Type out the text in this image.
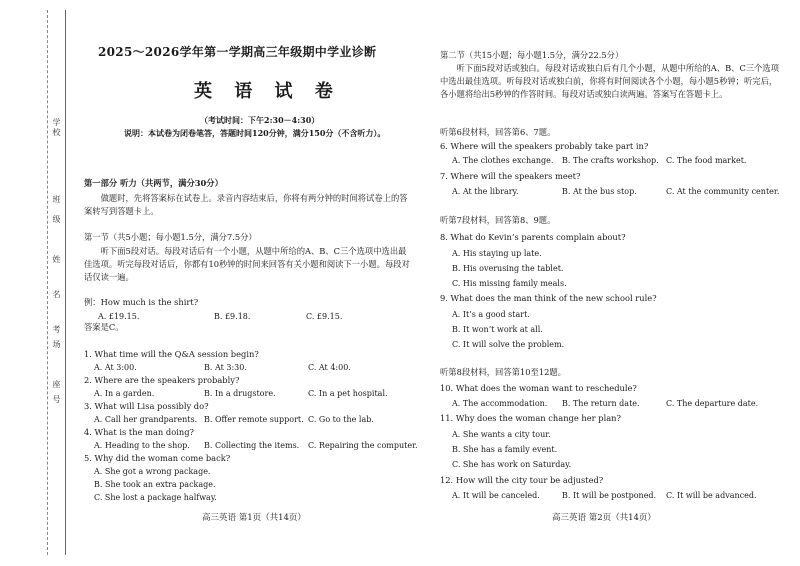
学
校
班
级
姓
名
考
场
座
号
2025～2026学年第一学期高三年级期中学业诊断
英 语 试 卷
（考试时间：下午2:30－4:30）
说明：本试卷为闭卷笔答，答题时间120分钟，满分150分（不含听力）。
第一部分 听力（共两节，满分30分）
做题时，先将答案标在试卷上。录音内容结束后，你将有两分钟的时间将试卷上的答案转写到答题卡上。
第一节（共5小题；每小题1.5分，满分7.5分）
听下面5段对话。每段对话后有一个小题，从题中所给的A、B、C三个选项中选出最佳选项。听完每段对话后，你都有10秒钟的时间来回答有关小题和阅读下一小题。每段对话仅读一遍。
例：How much is the shirt?
A. £19.15.	B. £9.18.	C. £9.15.
答案是C。
1. What time will the Q&A session begin?
A. At 3:00.	B. At 3:30.	C. At 4:00.
2. Where are the speakers probably?
A. In a garden.	B. In a drugstore.	C. In a pet hospital.
3. What will Lisa possibly do?
A. Call her grandparents. B. Offer remote support. C. Go to the lab.
4. What is the man doing?
A. Heading to the shop. B. Collecting the items. C. Repairing the computer.
5. Why did the woman come back?
A. She got a wrong package.
B. She took an extra package.
C. She lost a package halfway.
高三英语 第1页（共14页）
第二节（共15小题；每小题1.5分，满分22.5分）
听下面5段对话或独白。每段对话或独白后有几个小题，从题中所给的A、B、C三个选项中选出最佳选项。听每段对话或独白前，你将有时间阅读各个小题，每小题5秒钟；听完后，各小题将给出5秒钟的作答时间。每段对话或独白读两遍。答案写在答题卡上。
听第6段材料，回答第6、7题。
6. Where will the speakers probably take part in?
A. The clothes exchange. B. The crafts workshop. C. The food market.
7. Where will the speakers meet?
A. At the library.	B. At the bus stop.	C. At the community center.
听第7段材料，回答第8、9题。
8. What do Kevin’s parents complain about?
A. His staying up late.
B. His overusing the tablet.
C. His missing family meals.
9. What does the man think of the new school rule?
A. It’s a good start.
B. It won’t work at all.
C. It will solve the problem.
听第8段材料，回答第10至12题。
10. What does the woman want to reschedule?
A. The accommodation. B. The return date.	C. The departure date.
11. Why does the woman change her plan?
A. She wants a city tour.
B. She has a family event.
C. She has work on Saturday.
12. How will the city tour be adjusted?
A. It will be canceled.	B. It will be postponed. C. It will be advanced.
高三英语 第2页（共14页）
